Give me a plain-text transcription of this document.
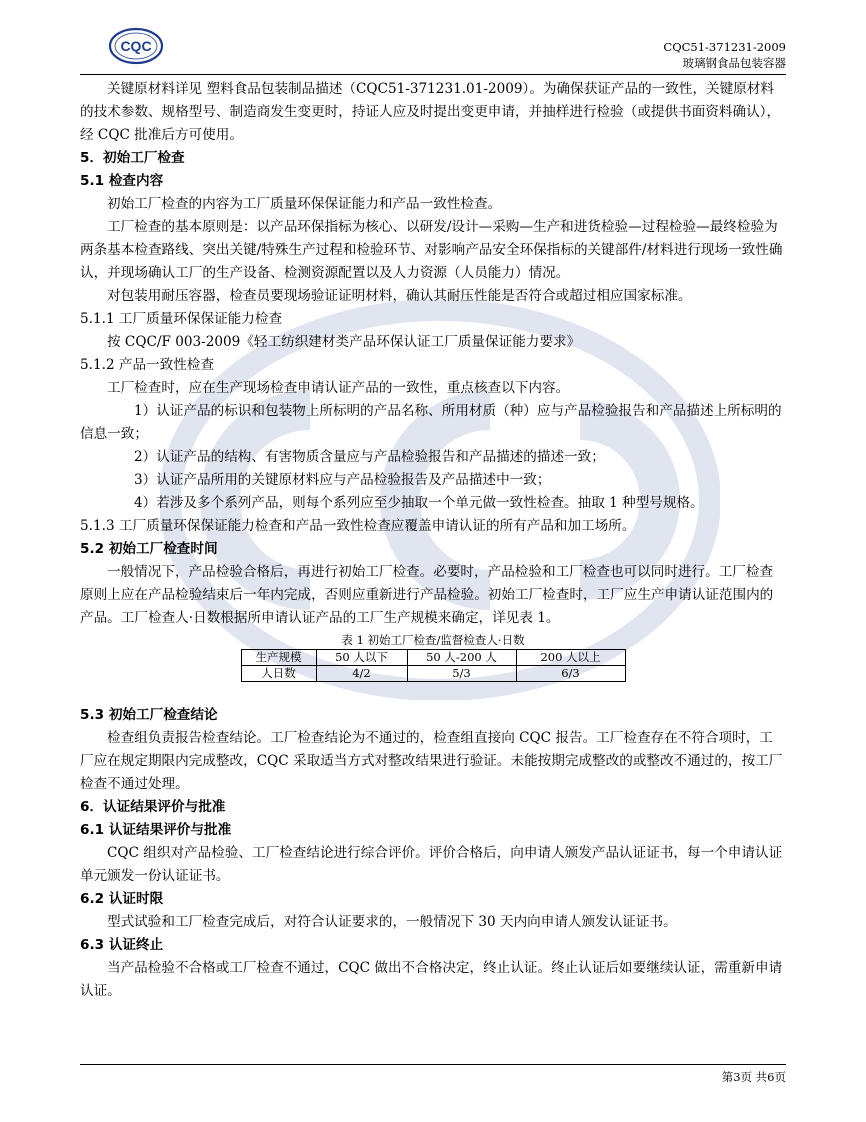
CQC	CQC51-371231-2009
玻璃钢食品包装容器

关键原材料详见 塑料食品包装制品描述（CQC51-371231.01-2009）。为确保获证产品的一致性，关键原材料的技术参数、规格型号、制造商发生变更时，持证人应及时提出变更申请，并抽样进行检验（或提供书面资料确认），经 CQC 批准后方可使用。

5．初始工厂检查

5.1 检查内容

初始工厂检查的内容为工厂质量环保保证能力和产品一致性检查。

工厂检查的基本原则是：以产品环保指标为核心、以研发/设计—采购—生产和进货检验—过程检验—最终检验为两条基本检查路线、突出关键/特殊生产过程和检验环节、对影响产品安全环保指标的关键部件/材料进行现场一致性确认，并现场确认工厂的生产设备、检测资源配置以及人力资源（人员能力）情况。

对包装用耐压容器，检查员要现场验证证明材料，确认其耐压性能是否符合或超过相应国家标准。

5.1.1 工厂质量环保保证能力检查

按 CQC/F 003-2009《轻工纺织建材类产品环保认证工厂质量保证能力要求》

5.1.2 产品一致性检查

工厂检查时，应在生产现场检查申请认证产品的一致性，重点核查以下内容。

1）认证产品的标识和包装物上所标明的产品名称、所用材质（种）应与产品检验报告和产品描述上所标明的信息一致；

2）认证产品的结构、有害物质含量应与产品检验报告和产品描述的描述一致；

3）认证产品所用的关键原材料应与产品检验报告及产品描述中一致；

4）若涉及多个系列产品，则每个系列应至少抽取一个单元做一致性检查。抽取 1 种型号规格。

5.1.3 工厂质量环保保证能力检查和产品一致性检查应覆盖申请认证的所有产品和加工场所。

5.2 初始工厂检查时间

一般情况下，产品检验合格后，再进行初始工厂检查。必要时，产品检验和工厂检查也可以同时进行。工厂检查原则上应在产品检验结束后一年内完成，否则应重新进行产品检验。初始工厂检查时，工厂应生产申请认证范围内的产品。工厂检查人·日数根据所申请认证产品的工厂生产规模来确定，详见表 1。

表 1 初始工厂检查/监督检查人·日数
生产规模	50 人以下	50 人-200 人	200 人以上
人日数	4/2	5/3	6/3

5.3 初始工厂检查结论

检查组负责报告检查结论。工厂检查结论为不通过的，检查组直接向 CQC 报告。工厂检查存在不符合项时，工厂应在规定期限内完成整改，CQC 采取适当方式对整改结果进行验证。未能按期完成整改的或整改不通过的，按工厂检查不通过处理。

6．认证结果评价与批准

6.1 认证结果评价与批准

CQC 组织对产品检验、工厂检查结论进行综合评价。评价合格后，向申请人颁发产品认证证书，每一个申请认证单元颁发一份认证证书。

6.2 认证时限

型式试验和工厂检查完成后，对符合认证要求的，一般情况下 30 天内向申请人颁发认证证书。

6.3 认证终止

当产品检验不合格或工厂检查不通过，CQC 做出不合格决定，终止认证。终止认证后如要继续认证，需重新申请认证。

第3页 共6页
